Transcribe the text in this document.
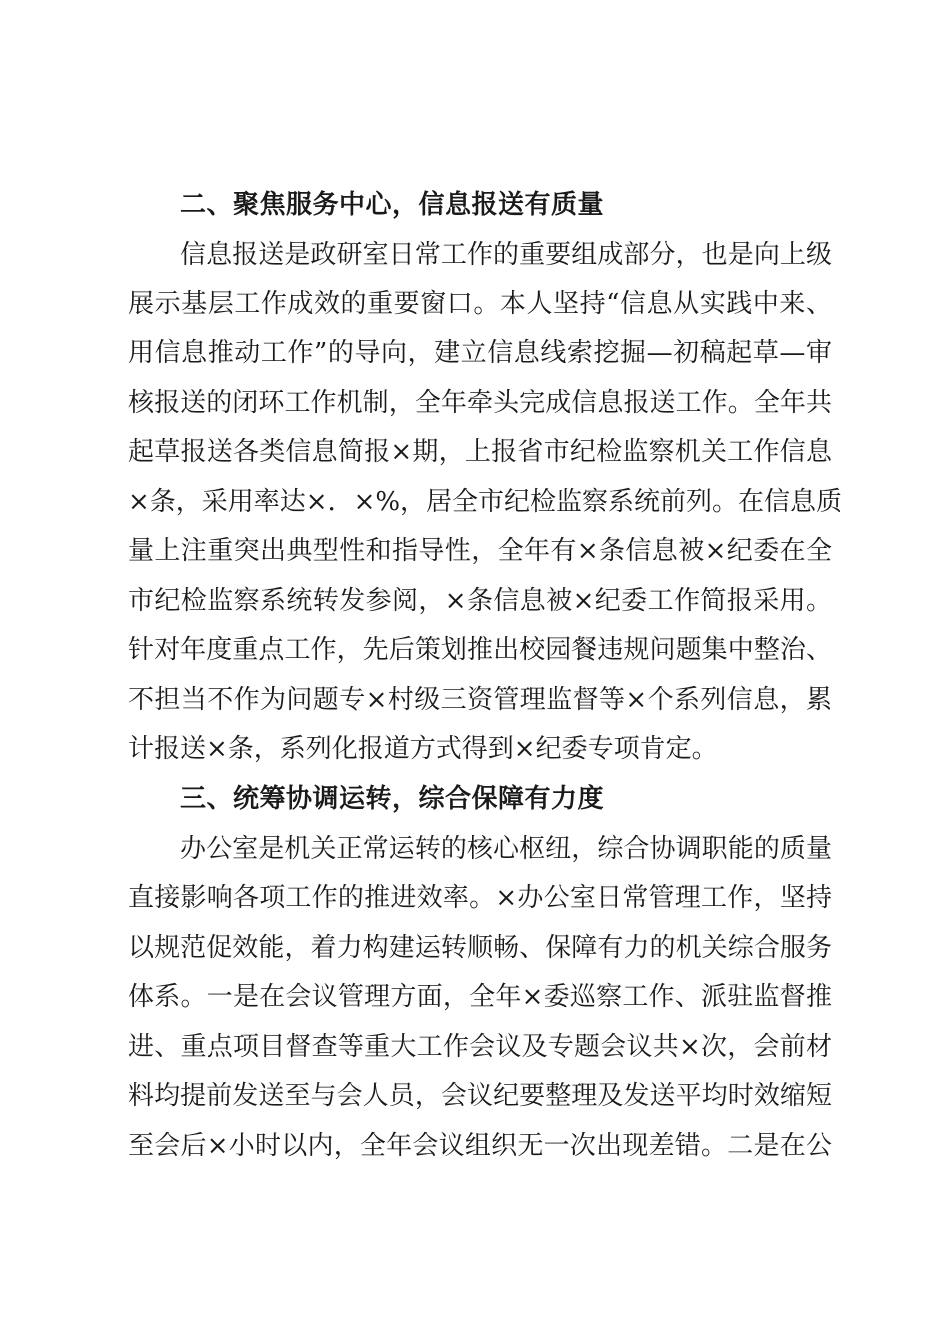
二、聚焦服务中心，信息报送有质量
信息报送是政研室日常工作的重要组成部分，也是向上级
展示基层工作成效的重要窗口。本人坚持“信息从实践中来、
用信息推动工作”的导向，建立信息线索挖掘—初稿起草—审
核报送的闭环工作机制，全年牵头完成信息报送工作。全年共
起草报送各类信息简报×期，上报省市纪检监察机关工作信息
×条，采用率达×．×%，居全市纪检监察系统前列。在信息质
量上注重突出典型性和指导性，全年有×条信息被×纪委在全
市纪检监察系统转发参阅，×条信息被×纪委工作简报采用。
针对年度重点工作，先后策划推出校园餐违规问题集中整治、
不担当不作为问题专×村级三资管理监督等×个系列信息，累
计报送×条，系列化报道方式得到×纪委专项肯定。
三、统筹协调运转，综合保障有力度
办公室是机关正常运转的核心枢纽，综合协调职能的质量
直接影响各项工作的推进效率。×办公室日常管理工作，坚持
以规范促效能，着力构建运转顺畅、保障有力的机关综合服务
体系。一是在会议管理方面，全年×委巡察工作、派驻监督推
进、重点项目督查等重大工作会议及专题会议共×次，会前材
料均提前发送至与会人员，会议纪要整理及发送平均时效缩短
至会后×小时以内，全年会议组织无一次出现差错。二是在公
